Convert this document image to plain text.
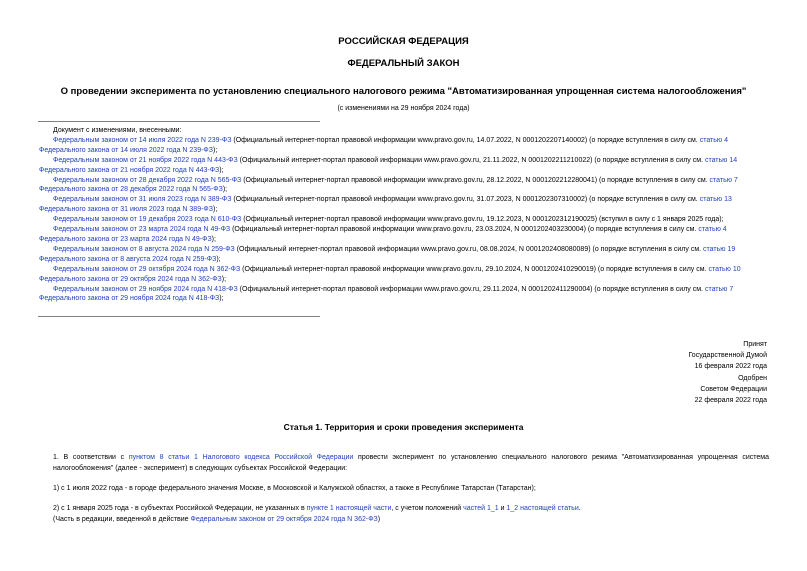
РОССИЙСКАЯ ФЕДЕРАЦИЯ
ФЕДЕРАЛЬНЫЙ ЗАКОН
О проведении эксперимента по установлению специального налогового режима "Автоматизированная упрощенная система налогообложения"
(с изменениями на 29 ноября 2024 года)

Документ с изменениями, внесенными:

Федеральным законом от 14 июля 2022 года N 239-ФЗ (Официальный интернет-портал правовой информации www.pravo.gov.ru, 14.07.2022, N 0001202207140002) (о порядке вступления в силу см. статью 4
Федерального закона от 14 июля 2022 года N 239-ФЗ);

Федеральным законом от 21 ноября 2022 года N 443-ФЗ (Официальный интернет-портал правовой информации www.pravo.gov.ru, 21.11.2022, N 0001202211210022) (о порядке вступления в силу см. статью 14
Федерального закона от 21 ноября 2022 года N 443-ФЗ);

Федеральным законом от 28 декабря 2022 года N 565-ФЗ (Официальный интернет-портал правовой информации www.pravo.gov.ru, 28.12.2022, N 0001202212280041) (о порядке вступления в силу см. статью 7
Федерального закона от 28 декабря 2022 года N 565-ФЗ);

Федеральным законом от 31 июля 2023 года N 389-ФЗ (Официальный интернет-портал правовой информации www.pravo.gov.ru, 31.07.2023, N 0001202307310002) (о порядке вступления в силу см. статью 13
Федерального закона от 31 июля 2023 года N 389-ФЗ);

Федеральным законом от 19 декабря 2023 года N 610-ФЗ (Официальный интернет-портал правовой информации www.pravo.gov.ru, 19.12.2023, N 0001202312190025) (вступил в силу с 1 января 2025 года);

Федеральным законом от 23 марта 2024 года N 49-ФЗ (Официальный интернет-портал правовой информации www.pravo.gov.ru, 23.03.2024, N 0001202403230004) (о порядке вступления в силу см. статью 4
Федерального закона от 23 марта 2024 года N 49-ФЗ);

Федеральным законом от 8 августа 2024 года N 259-ФЗ (Официальный интернет-портал правовой информации www.pravo.gov.ru, 08.08.2024, N 0001202408080089) (о порядке вступления в силу см. статью 19
Федерального закона от 8 августа 2024 года N 259-ФЗ);

Федеральным законом от 29 октября 2024 года N 362-ФЗ (Официальный интернет-портал правовой информации www.pravo.gov.ru, 29.10.2024, N 0001202410290019) (о порядке вступления в силу см. статью 10
Федерального закона от 29 октября 2024 года N 362-ФЗ);

Федеральным законом от 29 ноября 2024 года N 418-ФЗ (Официальный интернет-портал правовой информации www.pravo.gov.ru, 29.11.2024, N 0001202411290004) (о порядке вступления в силу см. статью 7
Федерального закона от 29 ноября 2024 года N 418-ФЗ);

Принят

Государственной Думой

16 февраля 2022 года

Одобрен

Советом Федерации

22 февраля 2022 года

Статья 1. Территория и сроки проведения эксперимента

1. В соответствии с пунктом 8 статьи 1 Налогового кодекса Российской Федерации провести эксперимент по установлению специального налогового режима "Автоматизированная упрощенная система налогообложения" (далее - эксперимент) в следующих субъектах Российской Федерации:

1) с 1 июля 2022 года - в городе федерального значения Москве, в Московской и Калужской областях, а также в Республике Татарстан (Татарстан);

2) с 1 января 2025 года - в субъектах Российской Федерации, не указанных в пункте 1 настоящей части, с учетом положений частей 1_1 и 1_2 настоящей статьи.

(Часть в редакции, введенной в действие Федеральным законом от 29 октября 2024 года N 362-ФЗ)
